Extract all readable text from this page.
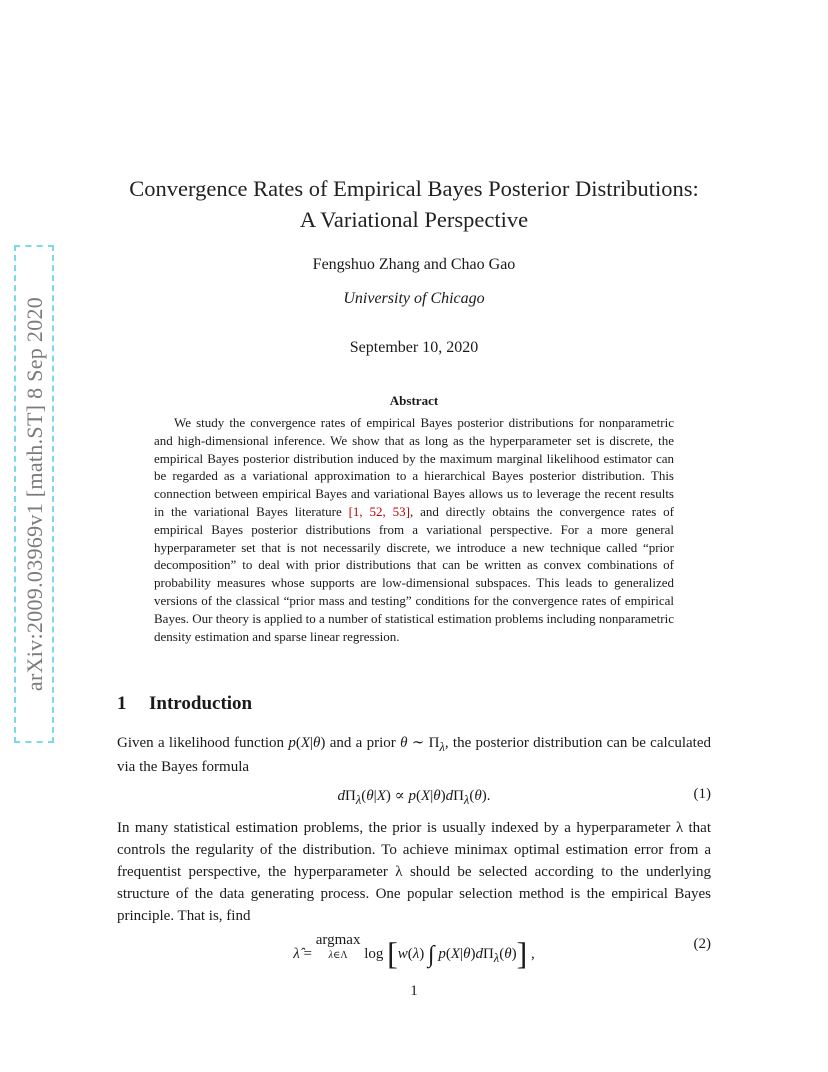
arXiv:2009.03969v1 [math.ST] 8 Sep 2020
Convergence Rates of Empirical Bayes Posterior Distributions:
A Variational Perspective
Fengshuo Zhang and Chao Gao
University of Chicago
September 10, 2020
Abstract
We study the convergence rates of empirical Bayes posterior distributions for nonparametric and high-dimensional inference. We show that as long as the hyperparameter set is discrete, the empirical Bayes posterior distribution induced by the maximum marginal likelihood estimator can be regarded as a variational approximation to a hierarchical Bayes posterior distribution. This connection between empirical Bayes and variational Bayes allows us to leverage the recent results in the variational Bayes literature [1, 52, 53], and directly obtains the convergence rates of empirical Bayes posterior distributions from a variational perspective. For a more general hyperparameter set that is not necessarily discrete, we introduce a new technique called “prior decomposition” to deal with prior distributions that can be written as convex combinations of probability measures whose supports are low-dimensional subspaces. This leads to generalized versions of the classical “prior mass and testing” conditions for the convergence rates of empirical Bayes. Our theory is applied to a number of statistical estimation problems including nonparametric density estimation and sparse linear regression.
1 Introduction
Given a likelihood function p(X|θ) and a prior θ ∼ $\Pi_\lambda$, the posterior distribution can be calculated via the Bayes formula
$d\Pi_\lambda(\theta|X) \propto p(X|\theta)d\Pi_\lambda(\theta)$.	(1)
In many statistical estimation problems, the prior is usually indexed by a hyperparameter λ that controls the regularity of the distribution. To achieve minimax optimal estimation error from a frequentist perspective, the hyperparameter λ should be selected according to the underlying structure of the data generating process. One popular selection method is the empirical Bayes principle. That is, find
λ̂ =
argmax
λ∈Λ log [w(λ) ∫ $p(X|\theta)d\Pi_\lambda(\theta)$] ,
(2)
1
